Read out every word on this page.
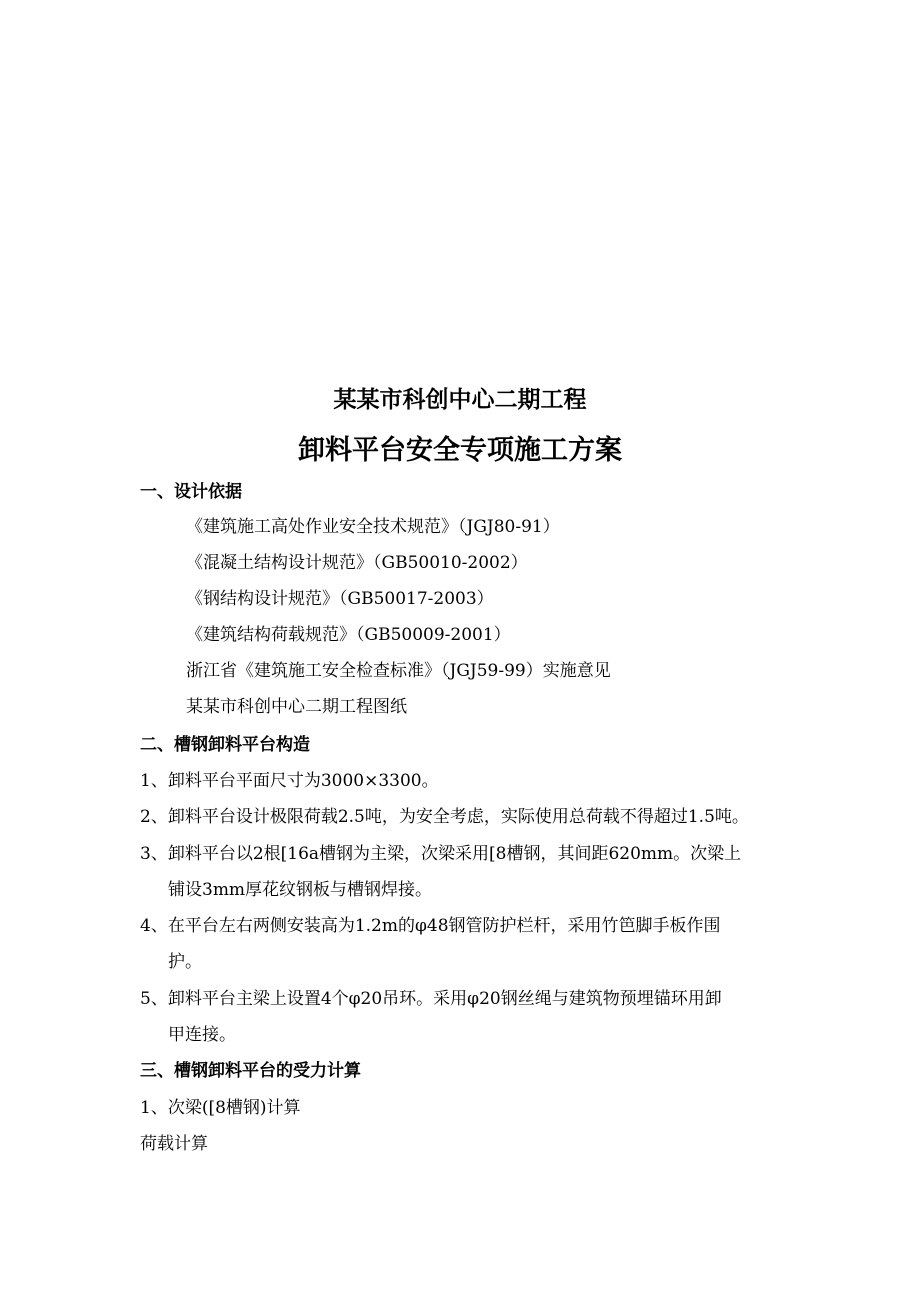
某某市科创中心二期工程
卸料平台安全专项施工方案
一、设计依据
《建筑施工高处作业安全技术规范》（JGJ80-91）
《混凝土结构设计规范》（GB50010-2002）
《钢结构设计规范》（GB50017-2003）
《建筑结构荷载规范》（GB50009-2001）
浙江省《建筑施工安全检查标准》（JGJ59-99）实施意见
某某市科创中心二期工程图纸
二、槽钢卸料平台构造
1、卸料平台平面尺寸为3000×3300。
2、卸料平台设计极限荷载2.5吨，为安全考虑，实际使用总荷载不得超过1.5吨。
3、卸料平台以2根[16a槽钢为主梁，次梁采用[8槽钢，其间距620mm。次梁上
铺设3mm厚花纹钢板与槽钢焊接。
4、在平台左右两侧安装高为1.2m的φ48钢管防护栏杆，采用竹笆脚手板作围
护。
5、卸料平台主梁上设置4个φ20吊环。采用φ20钢丝绳与建筑物预埋锚环用卸
甲连接。
三、槽钢卸料平台的受力计算
1、次梁([8槽钢)计算
荷载计算
